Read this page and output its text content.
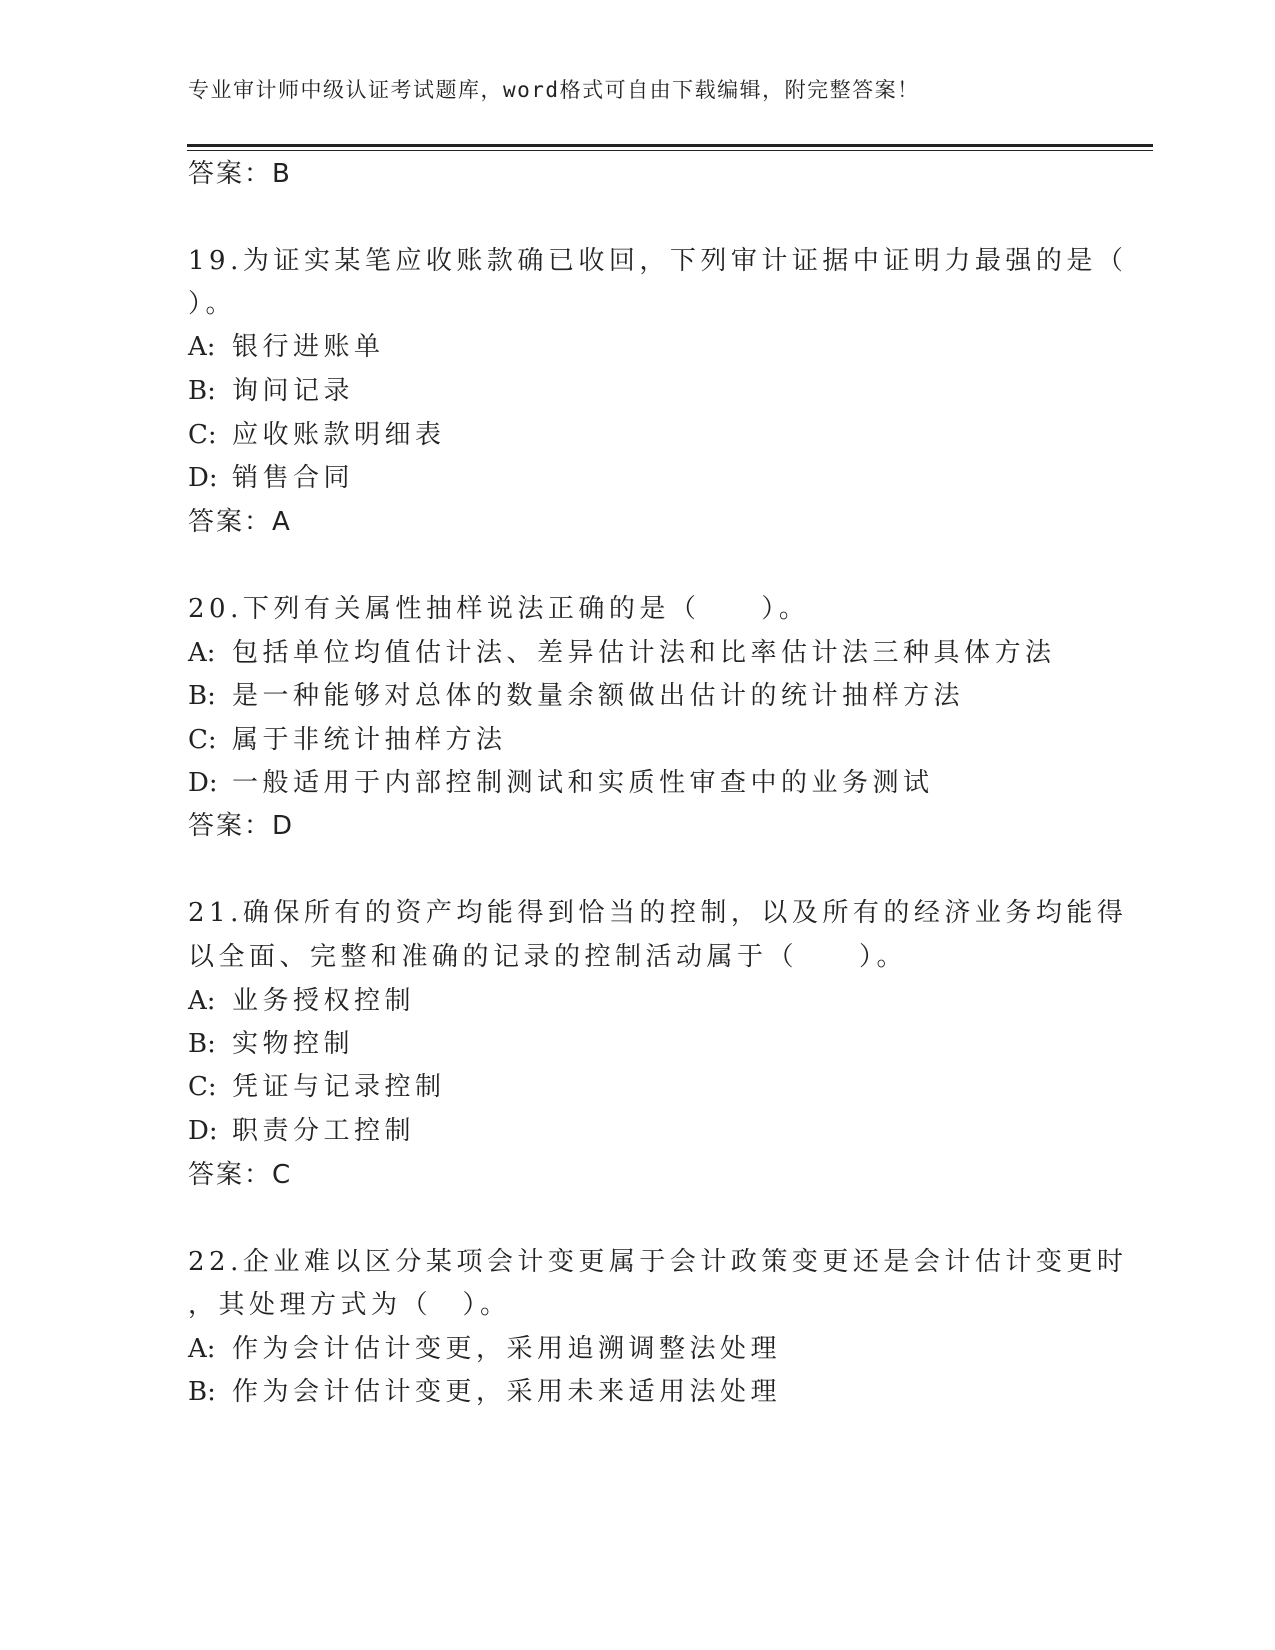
专业审计师中级认证考试题库，word格式可自由下载编辑，附完整答案！
答案：B
19.为证实某笔应收账款确已收回，下列审计证据中证明力最强的是（
）。
A: 银行进账单
B: 询问记录
C: 应收账款明细表
D: 销售合同
答案：A
20.下列有关属性抽样说法正确的是（　　）。
A: 包括单位均值估计法、差异估计法和比率估计法三种具体方法
B: 是一种能够对总体的数量余额做出估计的统计抽样方法
C: 属于非统计抽样方法
D: 一般适用于内部控制测试和实质性审查中的业务测试
答案：D
21.确保所有的资产均能得到恰当的控制，以及所有的经济业务均能得
以全面、完整和准确的记录的控制活动属于（　　）。
A: 业务授权控制
B: 实物控制
C: 凭证与记录控制
D: 职责分工控制
答案：C
22.企业难以区分某项会计变更属于会计政策变更还是会计估计变更时
，其处理方式为（　）。
A: 作为会计估计变更，采用追溯调整法处理
B: 作为会计估计变更，采用未来适用法处理
